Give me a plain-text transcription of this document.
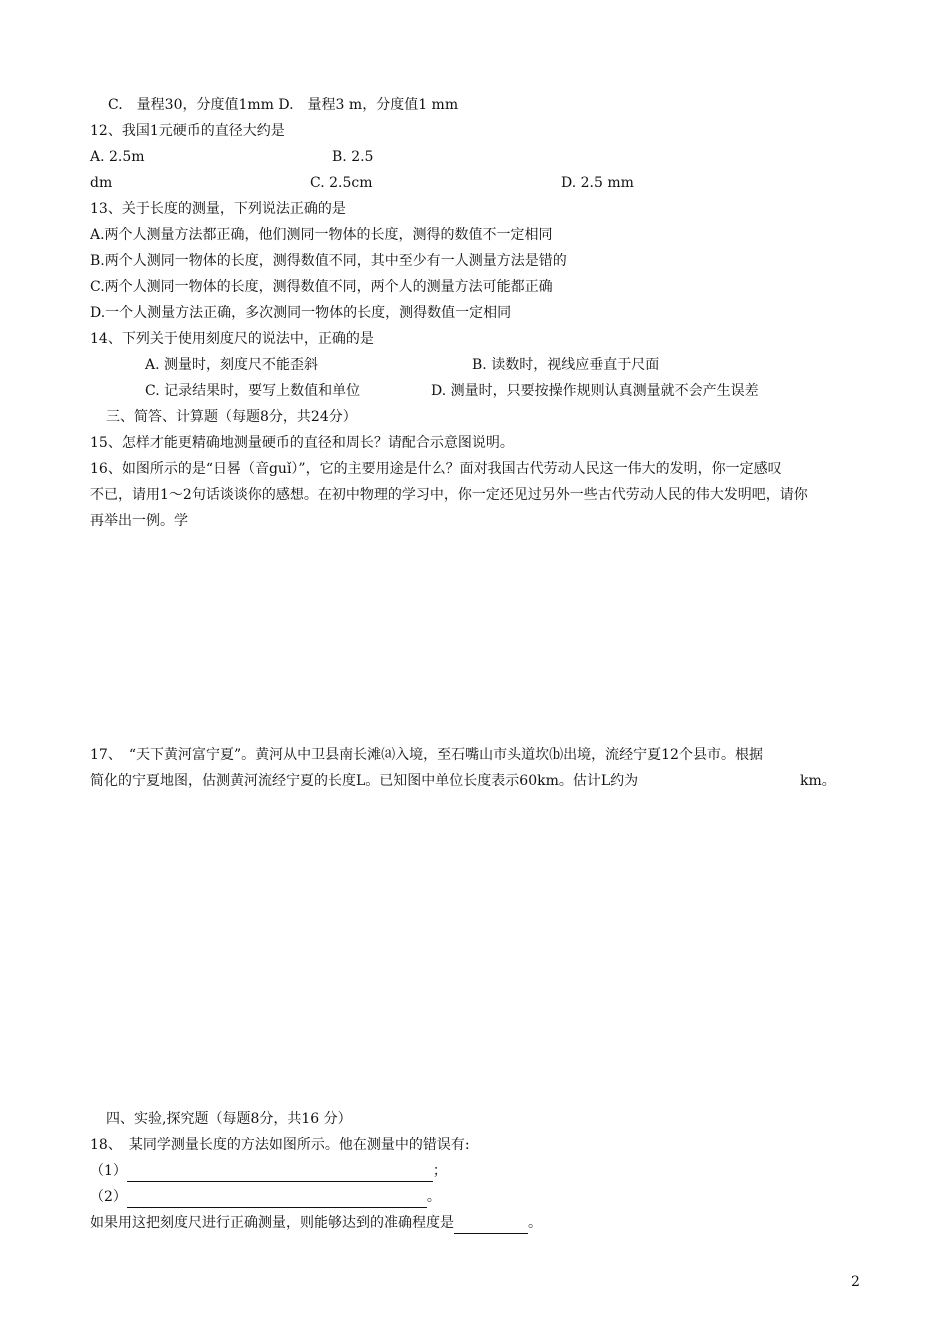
C.　量程30，分度值1mm D.　量程3 m，分度值1 mm
12、我国1元硬币的直径大约是
A. 2.5m	B. 2.5
dm	C. 2.5cm	D. 2.5 mm
13、关于长度的测量，下列说法正确的是
A.两个人测量方法都正确，他们测同一物体的长度，测得的数值不一定相同
B.两个人测同一物体的长度，测得数值不同，其中至少有一人测量方法是错的
C.两个人测同一物体的长度，测得数值不同，两个人的测量方法可能都正确
D.一个人测量方法正确，多次测同一物体的长度，测得数值一定相同
14、下列关于使用刻度尺的说法中，正确的是
A. 测量时，刻度尺不能歪斜	B. 读数时，视线应垂直于尺面
C. 记录结果时，要写上数值和单位	D. 测量时，只要按操作规则认真测量就不会产生误差
三、简答、计算题（每题8分，共24分）
15、怎样才能更精确地测量硬币的直径和周长？请配合示意图说明。
16、如图所示的是“日晷（音guǐ）”，它的主要用途是什么？面对我国古代劳动人民这一伟大的发明，你一定感叹
不已，请用1～2句话谈谈你的感想。在初中物理的学习中，你一定还见过另外一些古代劳动人民的伟大发明吧，请你
再举出一例。学
17、　“天下黄河富宁夏”。黄河从中卫县南长滩⒜入境，至石嘴山市头道坎⒝出境，流经宁夏12个县市。根据
简化的宁夏地图，估测黄河流经宁夏的长度L。已知图中单位长度表示60km。估计L约为	km。
四、实验,探究题（每题8分，共16 分）
18、　某同学测量长度的方法如图所示。他在测量中的错误有:
（1）	；
（2）	。
如果用这把刻度尺进行正确测量，则能够达到的准确程度是	。
2
